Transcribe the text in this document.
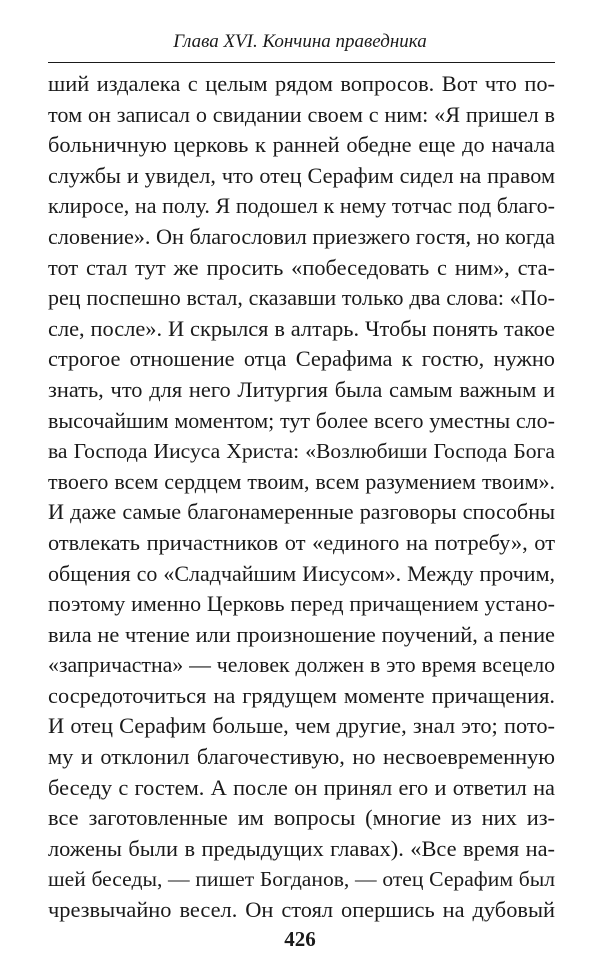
Глава XVI. Кончина праведника
ший издалека с целым рядом вопросов. Вот что по-
том он записал о свидании своем с ним: «Я пришел в
больничную церковь к ранней обедне еще до начала
службы и увидел, что отец Серафим сидел на правом
клиросе, на полу. Я подошел к нему тотчас под благо-
словение». Он благословил приезжего гостя, но когда
тот стал тут же просить «побеседовать с ним», ста-
рец поспешно встал, сказавши только два слова: «По-
сле, после». И скрылся в алтарь. Чтобы понять такое
строгое отношение отца Серафима к гостю, нужно
знать, что для него Литургия была самым важным и
высочайшим моментом; тут более всего уместны сло-
ва Господа Иисуса Христа: «Возлюбиши Господа Бога
твоего всем сердцем твоим, всем разумением твоим».
И даже самые благонамеренные разговоры способны
отвлекать причастников от «единого на потребу», от
общения со «Сладчайшим Иисусом». Между прочим,
поэтому именно Церковь перед причащением устано-
вила не чтение или произношение поучений, а пение
«запричастна» — человек должен в это время всецело
сосредоточиться на грядущем моменте причащения.
И отец Серафим больше, чем другие, знал это; пото-
му и отклонил благочестивую, но несвоевременную
беседу с гостем. А после он принял его и ответил на
все заготовленные им вопросы (многие из них из-
ложены были в предыдущих главах). «Все время на-
шей беседы, — пишет Богданов, — отец Серафим был
чрезвычайно весел. Он стоял опершись на дубовый
426
